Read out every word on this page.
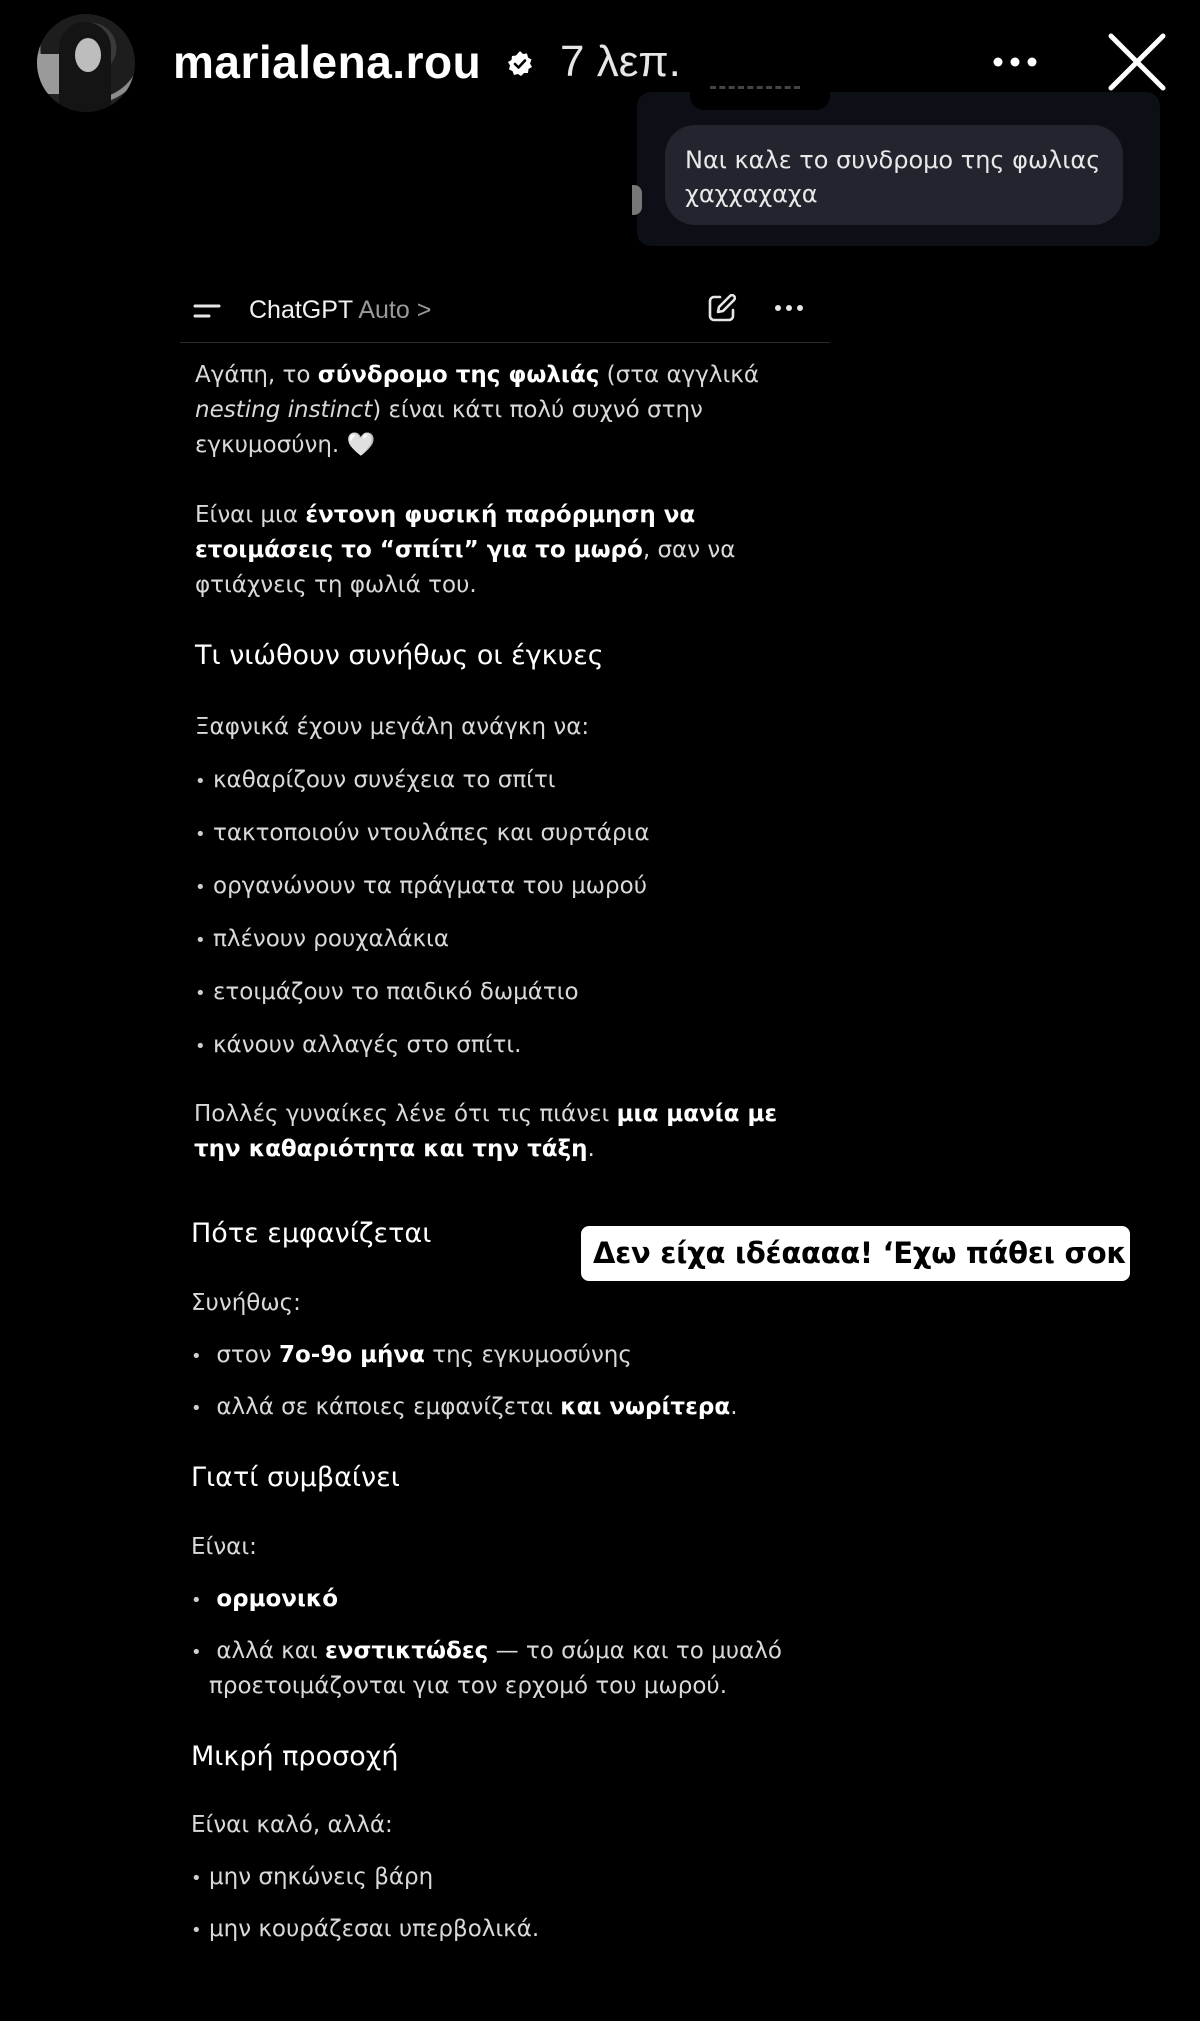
marialena.rou 7 λεπ.
Ναι καλε το συνδρομο της φωλιας
χαχχαχαχα
ChatGPT Auto >
Αγάπη, το σύνδρομο της φωλιάς (στα αγγλικά
nesting instinct) είναι κάτι πολύ συχνό στην
εγκυμοσύνη. 🤍
Είναι μια έντονη φυσική παρόρμηση να
ετοιμάσεις το “σπίτι” για το μωρό, σαν να
φτιάχνεις τη φωλιά του.
Τι νιώθουν συνήθως οι έγκυες
Ξαφνικά έχουν μεγάλη ανάγκη να:
• καθαρίζουν συνέχεια το σπίτι
• τακτοποιούν ντουλάπες και συρτάρια
• οργανώνουν τα πράγματα του μωρού
• πλένουν ρουχαλάκια
• ετοιμάζουν το παιδικό δωμάτιο
• κάνουν αλλαγές στο σπίτι.
Πολλές γυναίκες λένε ότι τις πιάνει μια μανία με
την καθαριότητα και την τάξη.
Πότε εμφανίζεται
Συνήθως:
• στον 7ο-9ο μήνα της εγκυμοσύνης
• αλλά σε κάποιες εμφανίζεται και νωρίτερα.
Γιατί συμβαίνει
Είναι:
• ορμονικό
• αλλά και ενστικτώδες — το σώμα και το μυαλό
προετοιμάζονται για τον ερχομό του μωρού.
Μικρή προσοχή
Είναι καλό, αλλά:
• μην σηκώνεις βάρη
• μην κουράζεσαι υπερβολικά.
Δεν είχα ιδέαααα! ‘Εχω πάθει σοκ!
